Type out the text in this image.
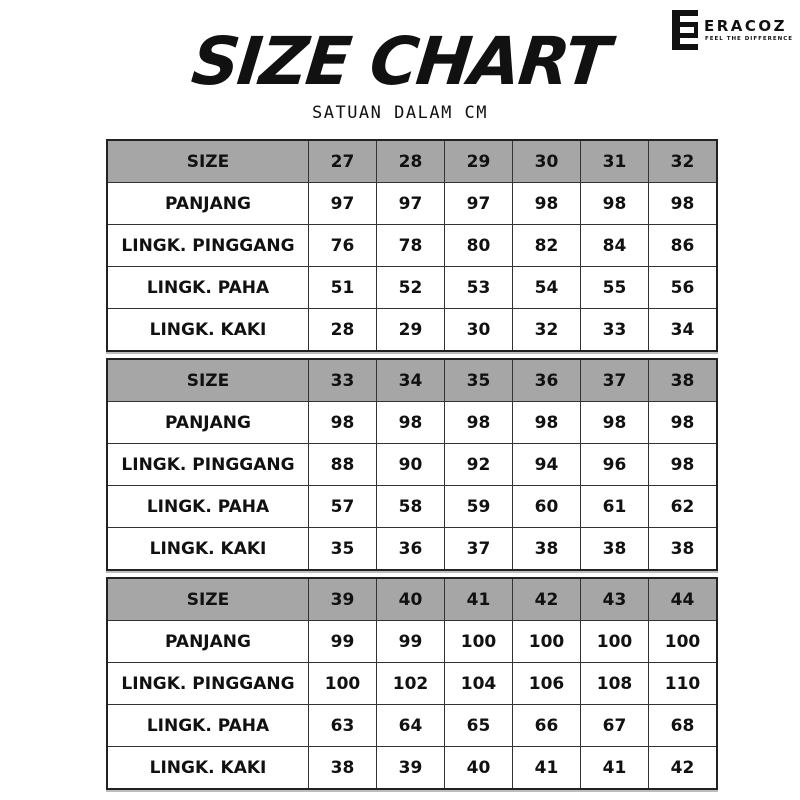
SIZE CHART
SATUAN DALAM CM
ERACOZ
FEEL THE DIFFERENCE
SIZE	27	28	29	30	31	32
PANJANG	97	97	97	98	98	98
LINGK. PINGGANG	76	78	80	82	84	86
LINGK. PAHA	51	52	53	54	55	56
LINGK. KAKI	28	29	30	32	33	34
SIZE	33	34	35	36	37	38
PANJANG	98	98	98	98	98	98
LINGK. PINGGANG	88	90	92	94	96	98
LINGK. PAHA	57	58	59	60	61	62
LINGK. KAKI	35	36	37	38	38	38
SIZE	39	40	41	42	43	44
PANJANG	99	99	100	100	100	100
LINGK. PINGGANG	100	102	104	106	108	110
LINGK. PAHA	63	64	65	66	67	68
LINGK. KAKI	38	39	40	41	41	42
